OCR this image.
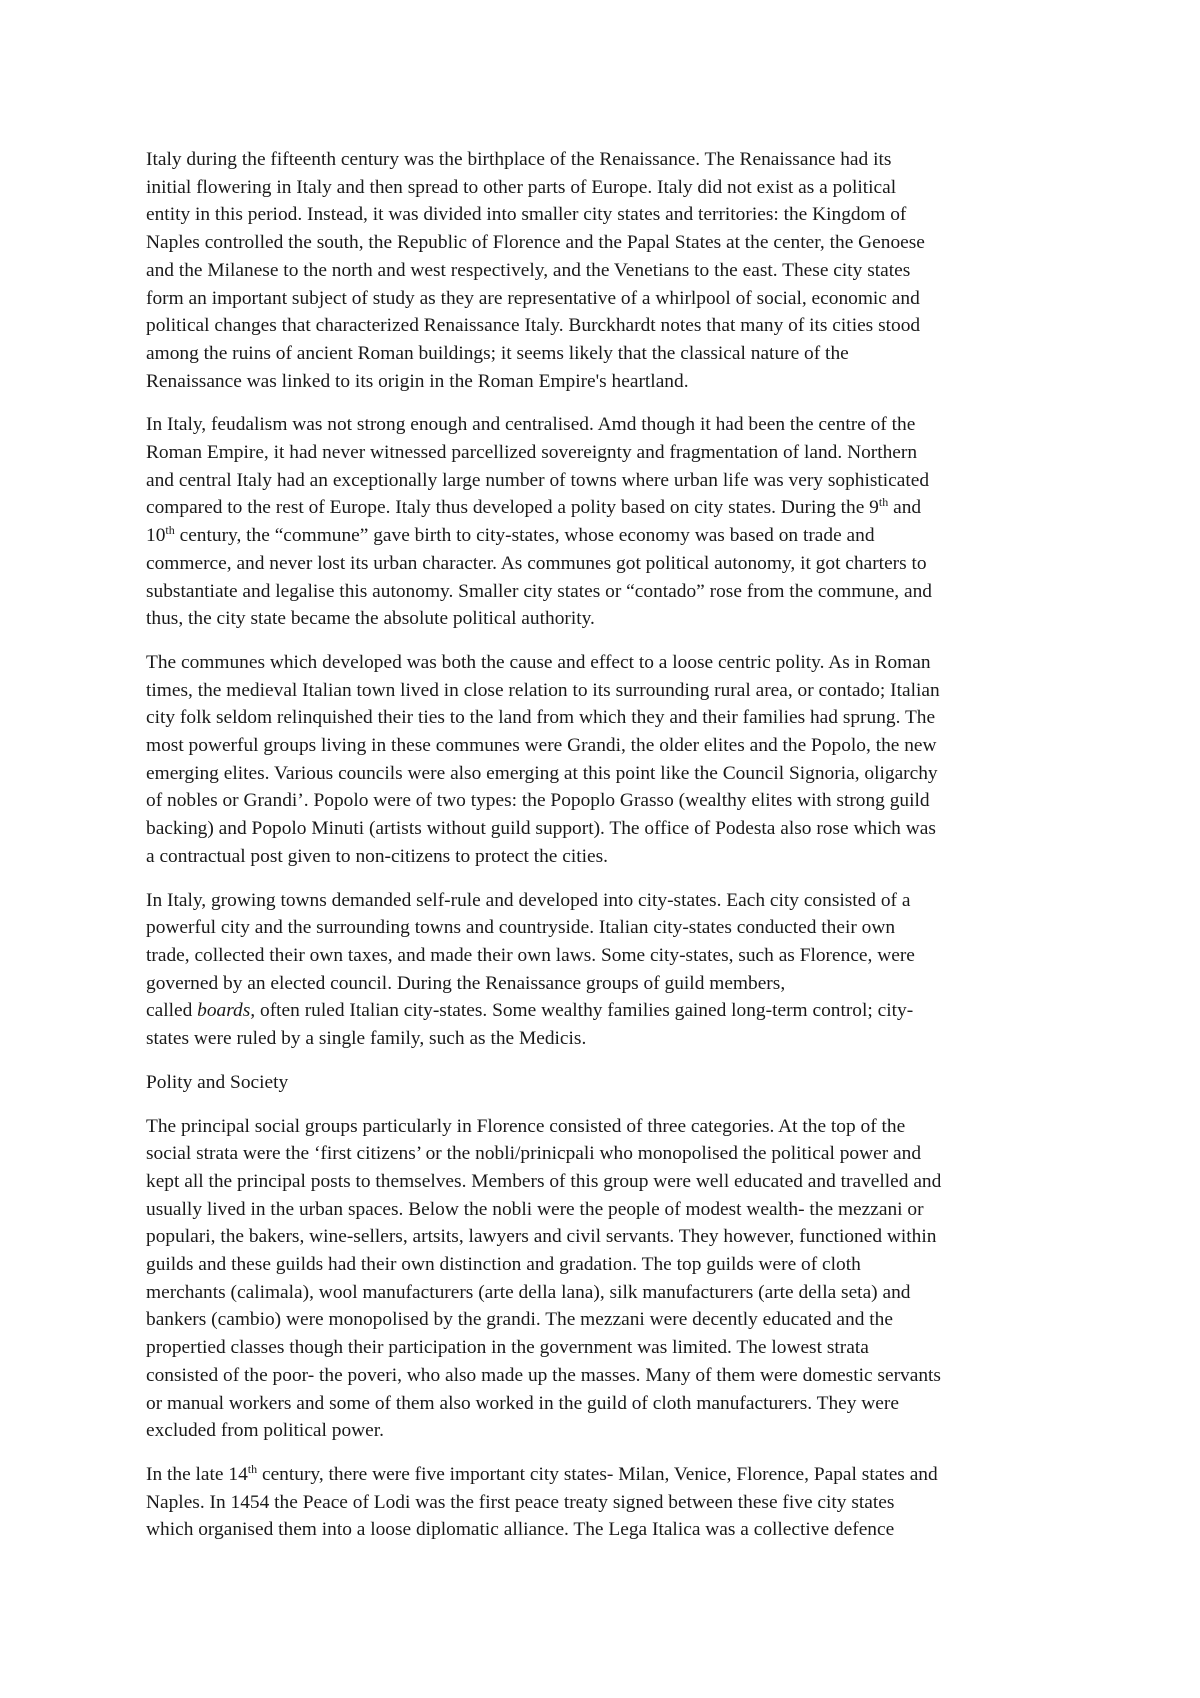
Italy during the fifteenth century was the birthplace of the Renaissance. The Renaissance had its
initial flowering in Italy and then spread to other parts of Europe. Italy did not exist as a political
entity in this period. Instead, it was divided into smaller city states and territories: the Kingdom of
Naples controlled the south, the Republic of Florence and the Papal States at the center, the Genoese
and the Milanese to the north and west respectively, and the Venetians to the east. These city states
form an important subject of study as they are representative of a whirlpool of social, economic and
political changes that characterized Renaissance Italy. Burckhardt notes that many of its cities stood
among the ruins of ancient Roman buildings; it seems likely that the classical nature of the
Renaissance was linked to its origin in the Roman Empire's heartland.

In Italy, feudalism was not strong enough and centralised. Amd though it had been the centre of the
Roman Empire, it had never witnessed parcellized sovereignty and fragmentation of land. Northern
and central Italy had an exceptionally large number of towns where urban life was very sophisticated
compared to the rest of Europe. Italy thus developed a polity based on city states. During the 9th and
10th century, the “commune” gave birth to city-states, whose economy was based on trade and
commerce, and never lost its urban character. As communes got political autonomy, it got charters to
substantiate and legalise this autonomy. Smaller city states or “contado” rose from the commune, and
thus, the city state became the absolute political authority.

The communes which developed was both the cause and effect to a loose centric polity. As in Roman
times, the medieval Italian town lived in close relation to its surrounding rural area, or contado; Italian
city folk seldom relinquished their ties to the land from which they and their families had sprung. The
most powerful groups living in these communes were Grandi, the older elites and the Popolo, the new
emerging elites. Various councils were also emerging at this point like the Council Signoria, oligarchy
of nobles or Grandi’. Popolo were of two types: the Popoplo Grasso (wealthy elites with strong guild
backing) and Popolo Minuti (artists without guild support). The office of Podesta also rose which was
a contractual post given to non-citizens to protect the cities.

In Italy, growing towns demanded self-rule and developed into city-states. Each city consisted of a
powerful city and the surrounding towns and countryside. Italian city-states conducted their own
trade, collected their own taxes, and made their own laws. Some city-states, such as Florence, were
governed by an elected council. During the Renaissance groups of guild members,
called boards, often ruled Italian city-states. Some wealthy families gained long-term control; city-
states were ruled by a single family, such as the Medicis.

Polity and Society

The principal social groups particularly in Florence consisted of three categories. At the top of the
social strata were the ‘first citizens’ or the nobli/prinicpali who monopolised the political power and
kept all the principal posts to themselves. Members of this group were well educated and travelled and
usually lived in the urban spaces. Below the nobli were the people of modest wealth- the mezzani or
populari, the bakers, wine-sellers, artsits, lawyers and civil servants. They however, functioned within
guilds and these guilds had their own distinction and gradation. The top guilds were of cloth
merchants (calimala), wool manufacturers (arte della lana), silk manufacturers (arte della seta) and
bankers (cambio) were monopolised by the grandi. The mezzani were decently educated and the
propertied classes though their participation in the government was limited. The lowest strata
consisted of the poor- the poveri, who also made up the masses. Many of them were domestic servants
or manual workers and some of them also worked in the guild of cloth manufacturers. They were
excluded from political power.

In the late 14th century, there were five important city states- Milan, Venice, Florence, Papal states and
Naples. In 1454 the Peace of Lodi was the first peace treaty signed between these five city states
which organised them into a loose diplomatic alliance. The Lega Italica was a collective defence
